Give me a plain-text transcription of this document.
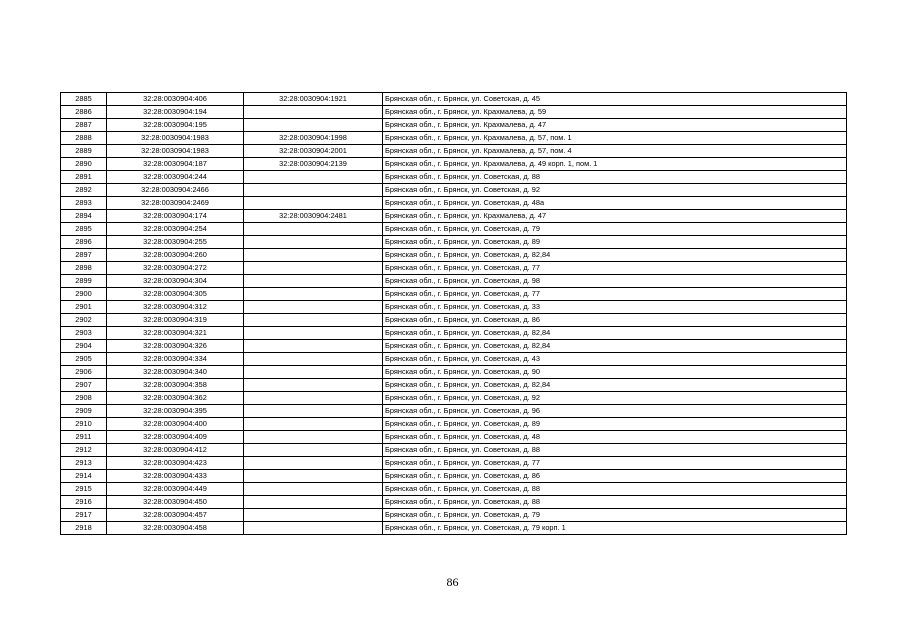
2885	32:28:0030904:406	32:28:0030904:1921	Брянская обл., г. Брянск, ул. Советская, д. 45
2886	32:28:0030904:194		Брянская обл., г. Брянск, ул. Крахмалева, д. 59
2887	32:28:0030904:195		Брянская обл., г. Брянск, ул. Крахмалева, д. 47
2888	32:28:0030904:1983	32:28:0030904:1998	Брянская обл., г. Брянск, ул. Крахмалева, д. 57, пом. 1
2889	32:28:0030904:1983	32:28:0030904:2001	Брянская обл., г. Брянск, ул. Крахмалева, д. 57, пом. 4
2890	32:28:0030904:187	32:28:0030904:2139	Брянская обл., г. Брянск, ул. Крахмалева, д. 49 корп. 1, пом. 1
2891	32:28:0030904:244		Брянская обл., г. Брянск, ул. Советская, д. 88
2892	32:28:0030904:2466		Брянская обл., г. Брянск, ул. Советская, д. 92
2893	32:28:0030904:2469		Брянская обл., г. Брянск, ул. Советская, д. 48а
2894	32:28:0030904:174	32:28:0030904:2481	Брянская обл., г. Брянск, ул. Крахмалева, д. 47
2895	32:28:0030904:254		Брянская обл., г. Брянск, ул. Советская, д. 79
2896	32:28:0030904:255		Брянская обл., г. Брянск, ул. Советская, д. 89
2897	32:28:0030904:260		Брянская обл., г. Брянск, ул. Советская, д. 82,84
2898	32:28:0030904:272		Брянская обл., г. Брянск, ул. Советская, д. 77
2899	32:28:0030904:304		Брянская обл., г. Брянск, ул. Советская, д. 98
2900	32:28:0030904:305		Брянская обл., г. Брянск, ул. Советская, д. 77
2901	32:28:0030904:312		Брянская обл., г. Брянск, ул. Советская, д. 33
2902	32:28:0030904:319		Брянская обл., г. Брянск, ул. Советская, д. 86
2903	32:28:0030904:321		Брянская обл., г. Брянск, ул. Советская, д. 82,84
2904	32:28:0030904:326		Брянская обл., г. Брянск, ул. Советская, д. 82,84
2905	32:28:0030904:334		Брянская обл., г. Брянск, ул. Советская, д. 43
2906	32:28:0030904:340		Брянская обл., г. Брянск, ул. Советская, д. 90
2907	32:28:0030904:358		Брянская обл., г. Брянск, ул. Советская, д. 82,84
2908	32:28:0030904:362		Брянская обл., г. Брянск, ул. Советская, д. 92
2909	32:28:0030904:395		Брянская обл., г. Брянск, ул. Советская, д. 96
2910	32:28:0030904:400		Брянская обл., г. Брянск, ул. Советская, д. 89
2911	32:28:0030904:409		Брянская обл., г. Брянск, ул. Советская, д. 48
2912	32:28:0030904:412		Брянская обл., г. Брянск, ул. Советская, д. 88
2913	32:28:0030904:423		Брянская обл., г. Брянск, ул. Советская, д. 77
2914	32:28:0030904:433		Брянская обл., г. Брянск, ул. Советская, д. 86
2915	32:28:0030904:449		Брянская обл., г. Брянск, ул. Советская, д. 88
2916	32:28:0030904:450		Брянская обл., г. Брянск, ул. Советская, д. 88
2917	32:28:0030904:457		Брянская обл., г. Брянск, ул. Советская, д. 79
2918	32:28:0030904:458		Брянская обл., г. Брянск, ул. Советская, д. 79 корп. 1
86
